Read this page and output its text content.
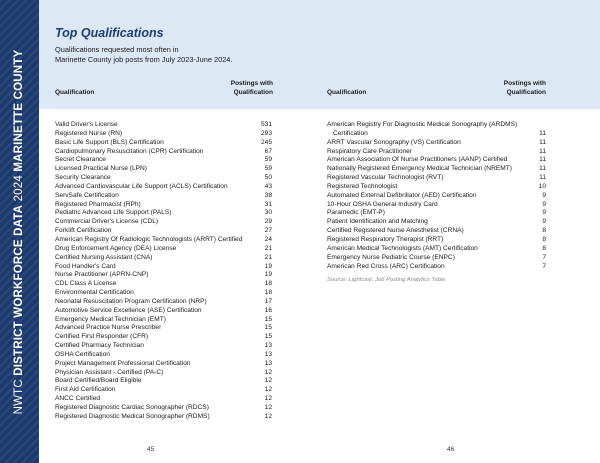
NWTC DISTRICT WORKFORCE DATA 2024 MARINETTE COUNTY
Top Qualifications
Qualifications requested most often in
Marinette County job posts from July 2023-June 2024.
Qualification
Postings with
Qualification	Qualification
Postings with
Qualification
Valid Driver's License	531
Registered Nurse (RN)	293
Basic Life Support (BLS) Certification	245
Cardiopulmonary Resuscitation (CPR) Certification	67
Secret Clearance	59
Licensed Practical Nurse (LPN)	59
Security Clearance	50
Advanced Cardiovascular Life Support (ACLS) Certification	43
ServSafe Certification	38
Registered Pharmacist (RPh)	31
Pediatric Advanced Life Support (PALS)	30
Commercial Driver's License (CDL)	29
Forklift Certification	27
American Registry Of Radiologic Technologists (ARRT) Certified	24
Drug Enforcement Agency (DEA) License	21
Certified Nursing Assistant (CNA)	21
Food Handler's Card	19
Nurse Practitioner (APRN-CNP)	19
CDL Class A License	18
Environmental Certification	18
Neonatal Resuscitation Program Certification (NRP)	17
Automotive Service Excellence (ASE) Certification	16
Emergency Medical Technician (EMT)	15
Advanced Practice Nurse Prescriber	15
Certified First Responder (CFR)	15
Certified Pharmacy Technician	13
OSHA Certification	13
Project Management Professional Certification	13
Physician Assistant - Certified (PA-C)	12
Board Certified/Board Eligible	12
First Aid Certification	12
ANCC Certified	12
Registered Diagnostic Cardiac Sonographer (RDCS)	12
Registered Diagnostic Medical Sonographer (RDMS)	12
American Registry For Diagnostic Medical Sonography (ARDMS)
Certification	11
ARRT Vascular Sonography (VS) Certification	11
Respiratory Care Practitioner	11
American Association Of Nurse Practitioners (AANP) Certified	11
Nationally Registered Emergency Medical Technician (NREMT)	11
Registered Vascular Technologist (RVT)	11
Registered Technologist	10
Automated External Defibrillator (AED) Certification	9
10-Hour OSHA General Industry Card	9
Paramedic (EMT-P)	9
Patient Identification and Matching	9
Certified Registered Nurse Anesthetist (CRNA)	8
Registered Respiratory Therapist (RRT)	8
American Medical Technologists (AMT) Certification	8
Emergency Nurse Pediatric Course (ENPC)	7
American Red Cross (ARC) Certification	7
Source: Lightcast, Job Posting Analytics Table
45	46
